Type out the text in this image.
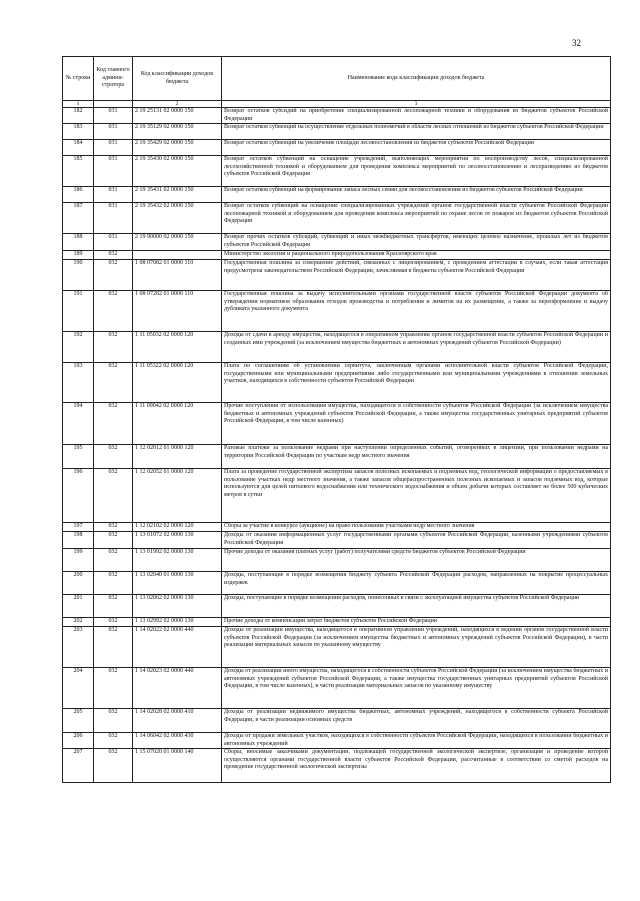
32
№ строки	Код главного админи-стратора	Код классификации доходов бюджета	Наименование кода классификации доходов бюджета
1		2	3
182	031	2 19 25131 02 0000 150	Возврат остатков субсидий на приобретение специализированной лесопожарной техники и оборудования из бюджетов субъектов Российской Федерации
183	031	2 19 35129 02 0000 150	Возврат остатков субвенций на осуществление отдельных полномочий в области лесных отношений из бюджетов субъектов Российской Федерации
184	031	2 19 35429 02 0000 150	Возврат остатков субвенций на увеличение площади лесовосстановления из бюджетов субъектов Российской Федерации
185	031	2 19 35430 02 0000 150	Возврат остатков субвенций на оснащение учреждений, выполняющих мероприятия по воспроизводству лесов, специализированной лесохозяйственной техникой и оборудованием для проведения комплекса мероприятий по лесовосстановлению и лесоразведению из бюджетов субъектов Российской Федерации
186	031	2 19 35431 02 0000 150	Возврат остатков субвенций на формирование запаса лесных семян для лесовосстановления из бюджетов субъектов Российской Федерации
187	031	2 19 35432 02 0000 150	Возврат остатков субвенций на оснащение специализированных учреждений органов государственной власти субъектов Российской Федерации лесопожарной техникой и оборудованием для проведения комплекса мероприятий по охране лесов от пожаров из бюджетов субъектов Российской Федерации
188	031	2 19 90000 02 0000 150	Возврат прочих остатков субсидий, субвенций и иных межбюджетных трансфертов, имеющих целевое назначение, прошлых лет из бюджетов субъектов Российской Федерации
189	032		Министерство экологии и рационального природопользования Красноярского края
190	032	1 08 07082 01 0000 110	Государственная пошлина за совершение действий, связанных с лицензированием, с проведением аттестации в случаях, если такая аттестация предусмотрена законодательством Российской Федерации, зачисляемая в бюджеты субъектов Российской Федерации
191	032	1 08 07282 01 0000 110	Государственная пошлина за выдачу исполнительными органами государственной власти субъектов Российской Федерации документа об утверждении нормативов образования отходов производства и потребления и лимитов на их размещение, а также за переоформление и выдачу дубликата указанного документа
192	032	1 11 05032 02 0000 120	Доходы от сдачи в аренду имущества, находящегося в оперативном управлении органов государственной власти субъектов Российской Федерации и созданных ими учреждений (за исключением имущества бюджетных и автономных учреждений субъектов Российской Федерации)
193	032	1 11 05322 02 0000 120	Плата по соглашениям об установлении сервитута, заключенным органами исполнительной власти субъектов Российской Федерации, государственными или муниципальными предприятиями либо государственными или муниципальными учреждениями в отношении земельных участков, находящихся в собственности субъектов Российской Федерации
194	032	1 11 09042 02 0000 120	Прочие поступления от использования имущества, находящегося в собственности субъектов Российской Федерации (за исключением имущества бюджетных и автономных учреждений субъектов Российской Федерации, а также имущества государственных унитарных предприятий субъектов Российской Федерации, в том числе казенных)
195	032	1 12 02012 01 0000 120	Разовые платежи за пользование недрами при наступлении определенных событий, оговоренных в лицензии, при пользовании недрами на территории Российской Федерации по участкам недр местного значения
196	032	1 12 02052 01 0000 120	Плата за проведение государственной экспертизы запасов полезных ископаемых и подземных вод, геологической информации о предоставляемых в пользование участках недр местного значения, а также запасов общераспространенных полезных ископаемых и запасов подземных вод, которые используются для целей питьевого водоснабжения или технического водоснабжения и объем добычи которых составляет не более 500 кубических метров в сутки
197	032	1 12 02102 02 0000 120	Сборы за участие в конкурсе (аукционе) на право пользования участками недр местного значения
198	032	1 13 01072 02 0000 130	Доходы от оказания информационных услуг государственными органами субъектов Российской Федерации, казенными учреждениями субъектов Российской Федерации
199	032	1 13 01992 02 0000 130	Прочие доходы от оказания платных услуг (работ) получателями средств бюджетов субъектов Российской Федерации
200	032	1 13 02040 01 0000 130	Доходы, поступающие в порядке возмещения бюджету субъекта Российской Федерации расходов, направленных на покрытие процессуальных издержек
201	032	1 13 02062 02 0000 130	Доходы, поступающие в порядке возмещения расходов, понесенных в связи с эксплуатацией имущества субъектов Российской Федерации
202	032	1 13 02992 02 0000 130	Прочие доходы от компенсации затрат бюджетов субъектов Российской Федерации
203	032	1 14 02022 02 0000 440	Доходы от реализации имущества, находящегося в оперативном управлении учреждений, находящихся в ведении органов государственной власти субъектов Российской Федерации (за исключением имущества бюджетных и автономных учреждений субъектов Российской Федерации), в части реализации материальных запасов по указанному имуществу
204	032	1 14 02023 02 0000 440	Доходы от реализации иного имущества, находящегося в собственности субъектов Российской Федерации (за исключением имущества бюджетных и автономных учреждений субъектов Российской Федерации, а также имущества государственных унитарных предприятий субъектов Российской Федерации, в том числе казенных), в части реализации материальных запасов по указанному имуществу
205	032	1 14 02028 02 0000 410	Доходы от реализации недвижимого имущества бюджетных, автономных учреждений, находящегося в собственности субъекта Российской Федерации, в части реализации основных средств
206	032	1 14 06042 02 0000 430	Доходы от продажи земельных участков, находящихся в собственности субъектов Российской Федерации, находящихся в пользовании бюджетных и автономных учреждений
207	032	1 15 07020 01 0000 140	Сборы, вносимые заказчиками документации, подлежащей государственной экологической экспертизе, организация и проведение которой осуществляются органами государственной власти субъектов Российской Федерации, рассчитанные в соответствии со сметой расходов на проведение государственной экологической экспертизы
